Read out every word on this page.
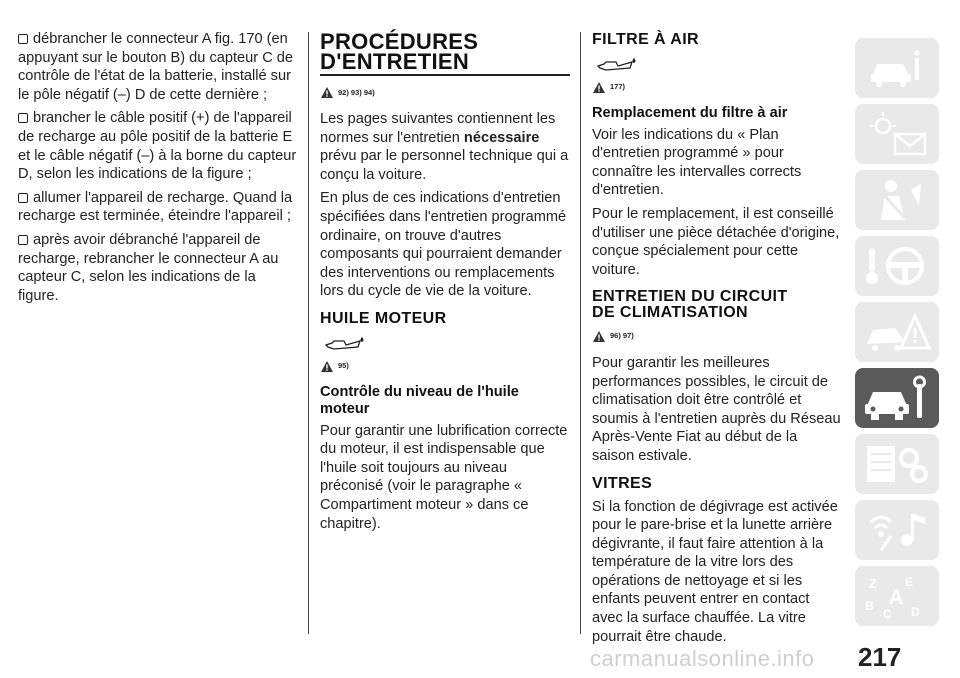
débrancher le connecteur A fig. 170 (en appuyant sur le bouton B) du capteur C de contrôle de l'état de la batterie, installé sur le pôle négatif (–) D de cette dernière ;

brancher le câble positif (+) de l'appareil de recharge au pôle positif de la batterie E et le câble négatif (–) à la borne du capteur D, selon les indications de la figure ;

allumer l'appareil de recharge. Quand la recharge est terminée, éteindre l'appareil ;

après avoir débranché l'appareil de recharge, rebrancher le connecteur A au capteur C, selon les indications de la figure.

PROCÉDURES
D'ENTRETIEN
92) 93) 94)

Les pages suivantes contiennent les normes sur l'entretien nécessaire prévu par le personnel technique qui a conçu la voiture.

En plus de ces indications d'entretien spécifiées dans l'entretien programmé ordinaire, on trouve d'autres composants qui pourraient demander des interventions ou remplacements lors du cycle de vie de la voiture.

HUILE MOTEUR
95)
Contrôle du niveau de l'huile moteur

Pour garantir une lubrification correcte du moteur, il est indispensable que l'huile soit toujours au niveau préconisé (voir le paragraphe « Compartiment moteur » dans ce chapitre).

FILTRE À AIR
177)
Remplacement du filtre à air

Voir les indications du « Plan d'entretien programmé » pour connaître les intervalles corrects d'entretien.

Pour le remplacement, il est conseillé d'utiliser une pièce détachée d'origine, conçue spécialement pour cette voiture.

ENTRETIEN DU CIRCUIT
DE CLIMATISATION
96) 97)

Pour garantir les meilleures performances possibles, le circuit de climatisation doit être contrôlé et soumis à l'entretien auprès du Réseau Après-Vente Fiat au début de la saison estivale.

VITRES

Si la fonction de dégivrage est activée pour le pare-brise et la lunette arrière dégivrante, il faut faire attention à la température de la vitre lors des opérations de nettoyage et si les enfants peuvent entrer en contact avec la surface chauffée. La vitre pourrait être chaude.

Z E
A
B
C D
217
carmanualsonline.info
